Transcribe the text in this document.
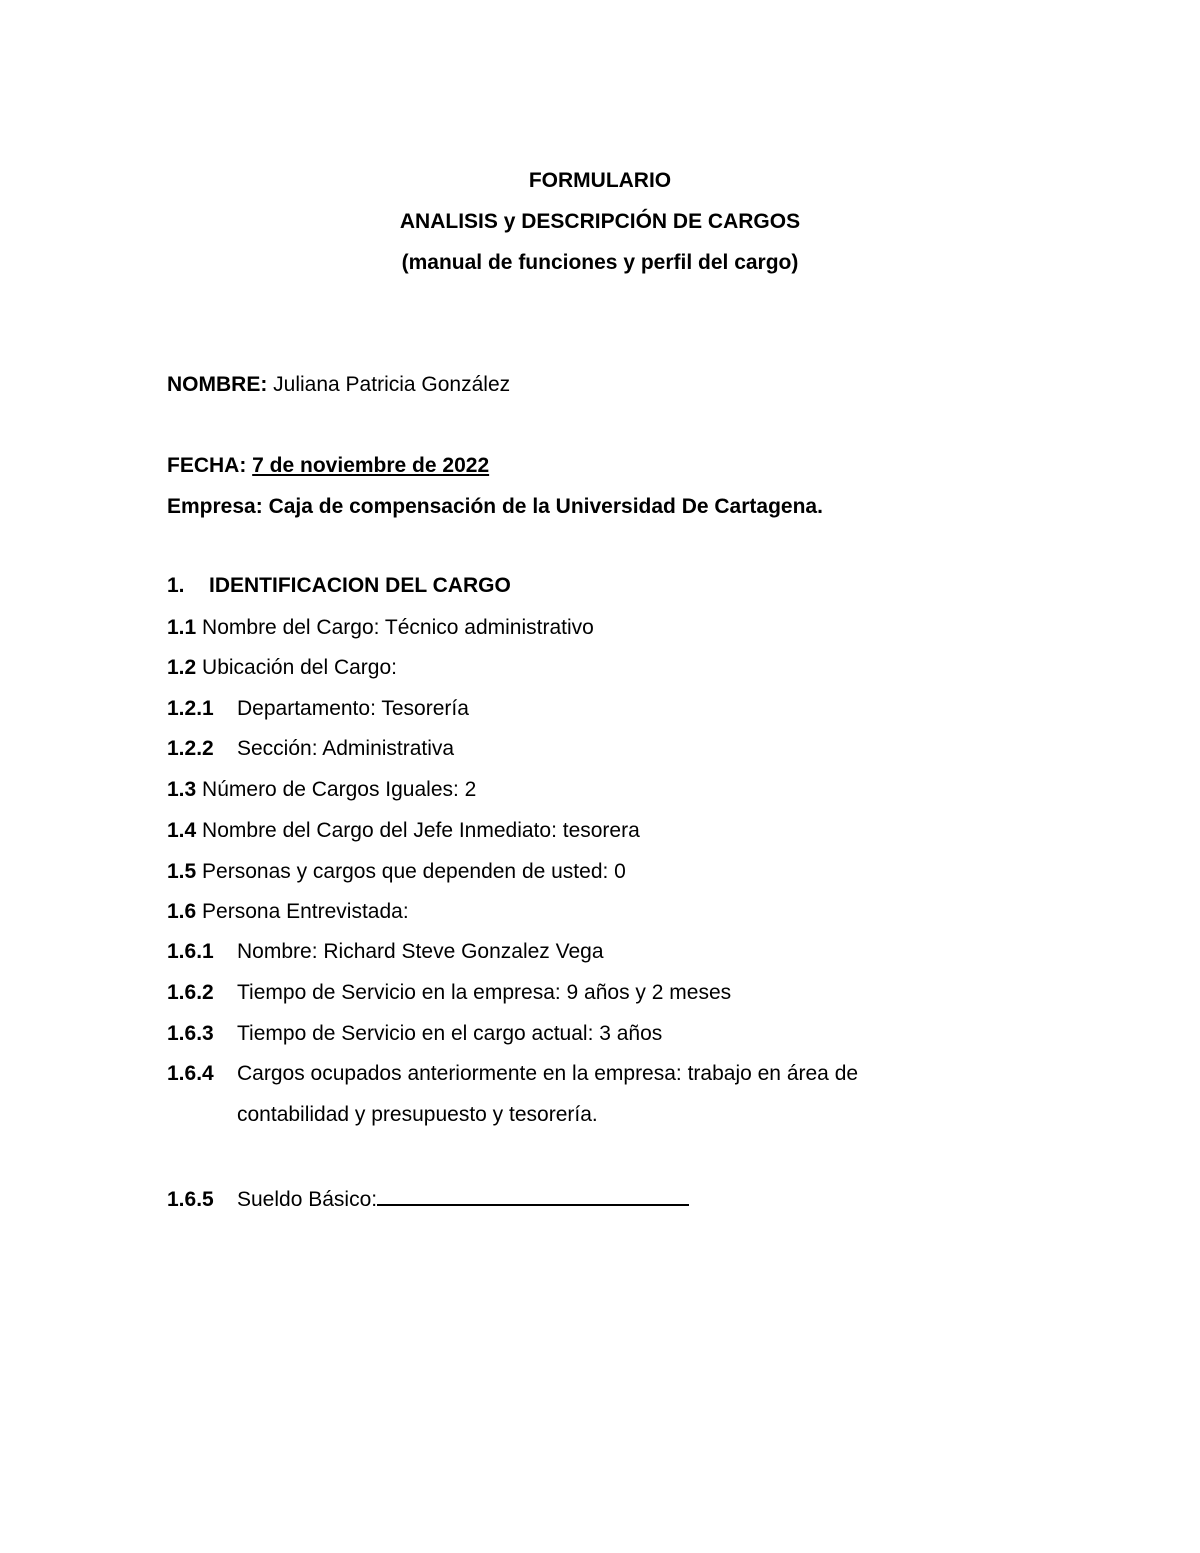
FORMULARIO
ANALISIS y DESCRIPCIÓN DE CARGOS
(manual de funciones y perfil del cargo)
NOMBRE: Juliana Patricia González
FECHA: 7 de noviembre de 2022
Empresa: Caja de compensación de la Universidad De Cartagena.
1. IDENTIFICACION DEL CARGO
1.1 Nombre del Cargo: Técnico administrativo
1.2 Ubicación del Cargo:
1.2.1 Departamento: Tesorería
1.2.2 Sección: Administrativa
1.3 Número de Cargos Iguales: 2
1.4 Nombre del Cargo del Jefe Inmediato: tesorera
1.5 Personas y cargos que dependen de usted: 0
1.6 Persona Entrevistada:
1.6.1 Nombre: Richard Steve Gonzalez Vega
1.6.2 Tiempo de Servicio en la empresa: 9 años y 2 meses
1.6.3 Tiempo de Servicio en el cargo actual: 3 años
1.6.4 Cargos ocupados anteriormente en la empresa: trabajo en área de
contabilidad y presupuesto y tesorería.
1.6.5 Sueldo Básico:
